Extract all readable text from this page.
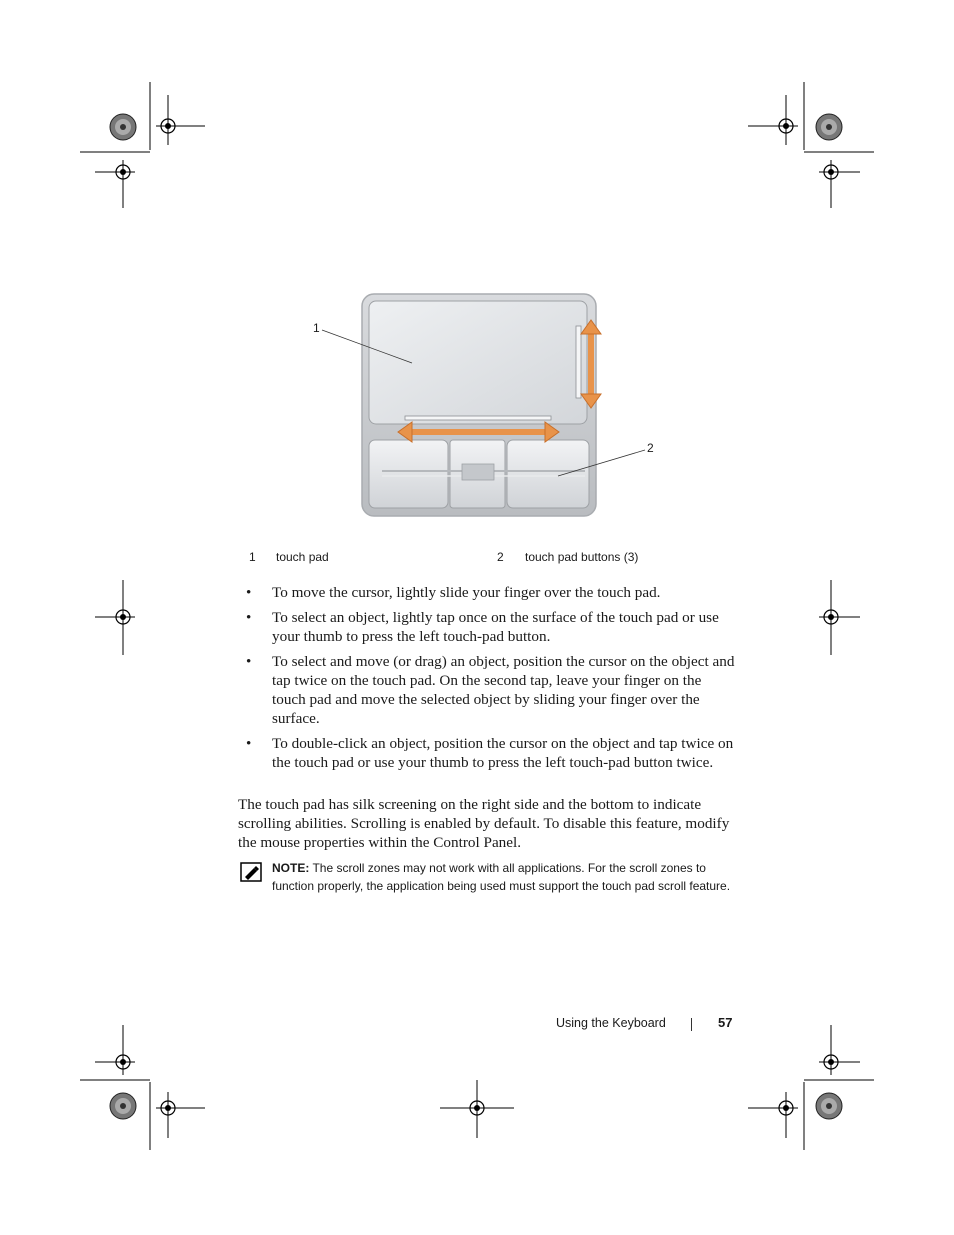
1
2
1 touch pad	2 touch pad buttons (3)
• To move the cursor, lightly slide your finger over the touch pad.
• To select an object, lightly tap once on the surface of the touch pad or use your thumb to press the left touch-pad button.
• To select and move (or drag) an object, position the cursor on the object and tap twice on the touch pad. On the second tap, leave your finger on the touch pad and move the selected object by sliding your finger over the surface.
• To double-click an object, position the cursor on the object and tap twice on the touch pad or use your thumb to press the left touch-pad button twice.

The touch pad has silk screening on the right side and the bottom to indicate scrolling abilities. Scrolling is enabled by default. To disable this feature, modify the mouse properties within the Control Panel.

NOTE: The scroll zones may not work with all applications. For the scroll zones to function properly, the application being used must support the touch pad scroll feature.
Using the Keyboard	57
